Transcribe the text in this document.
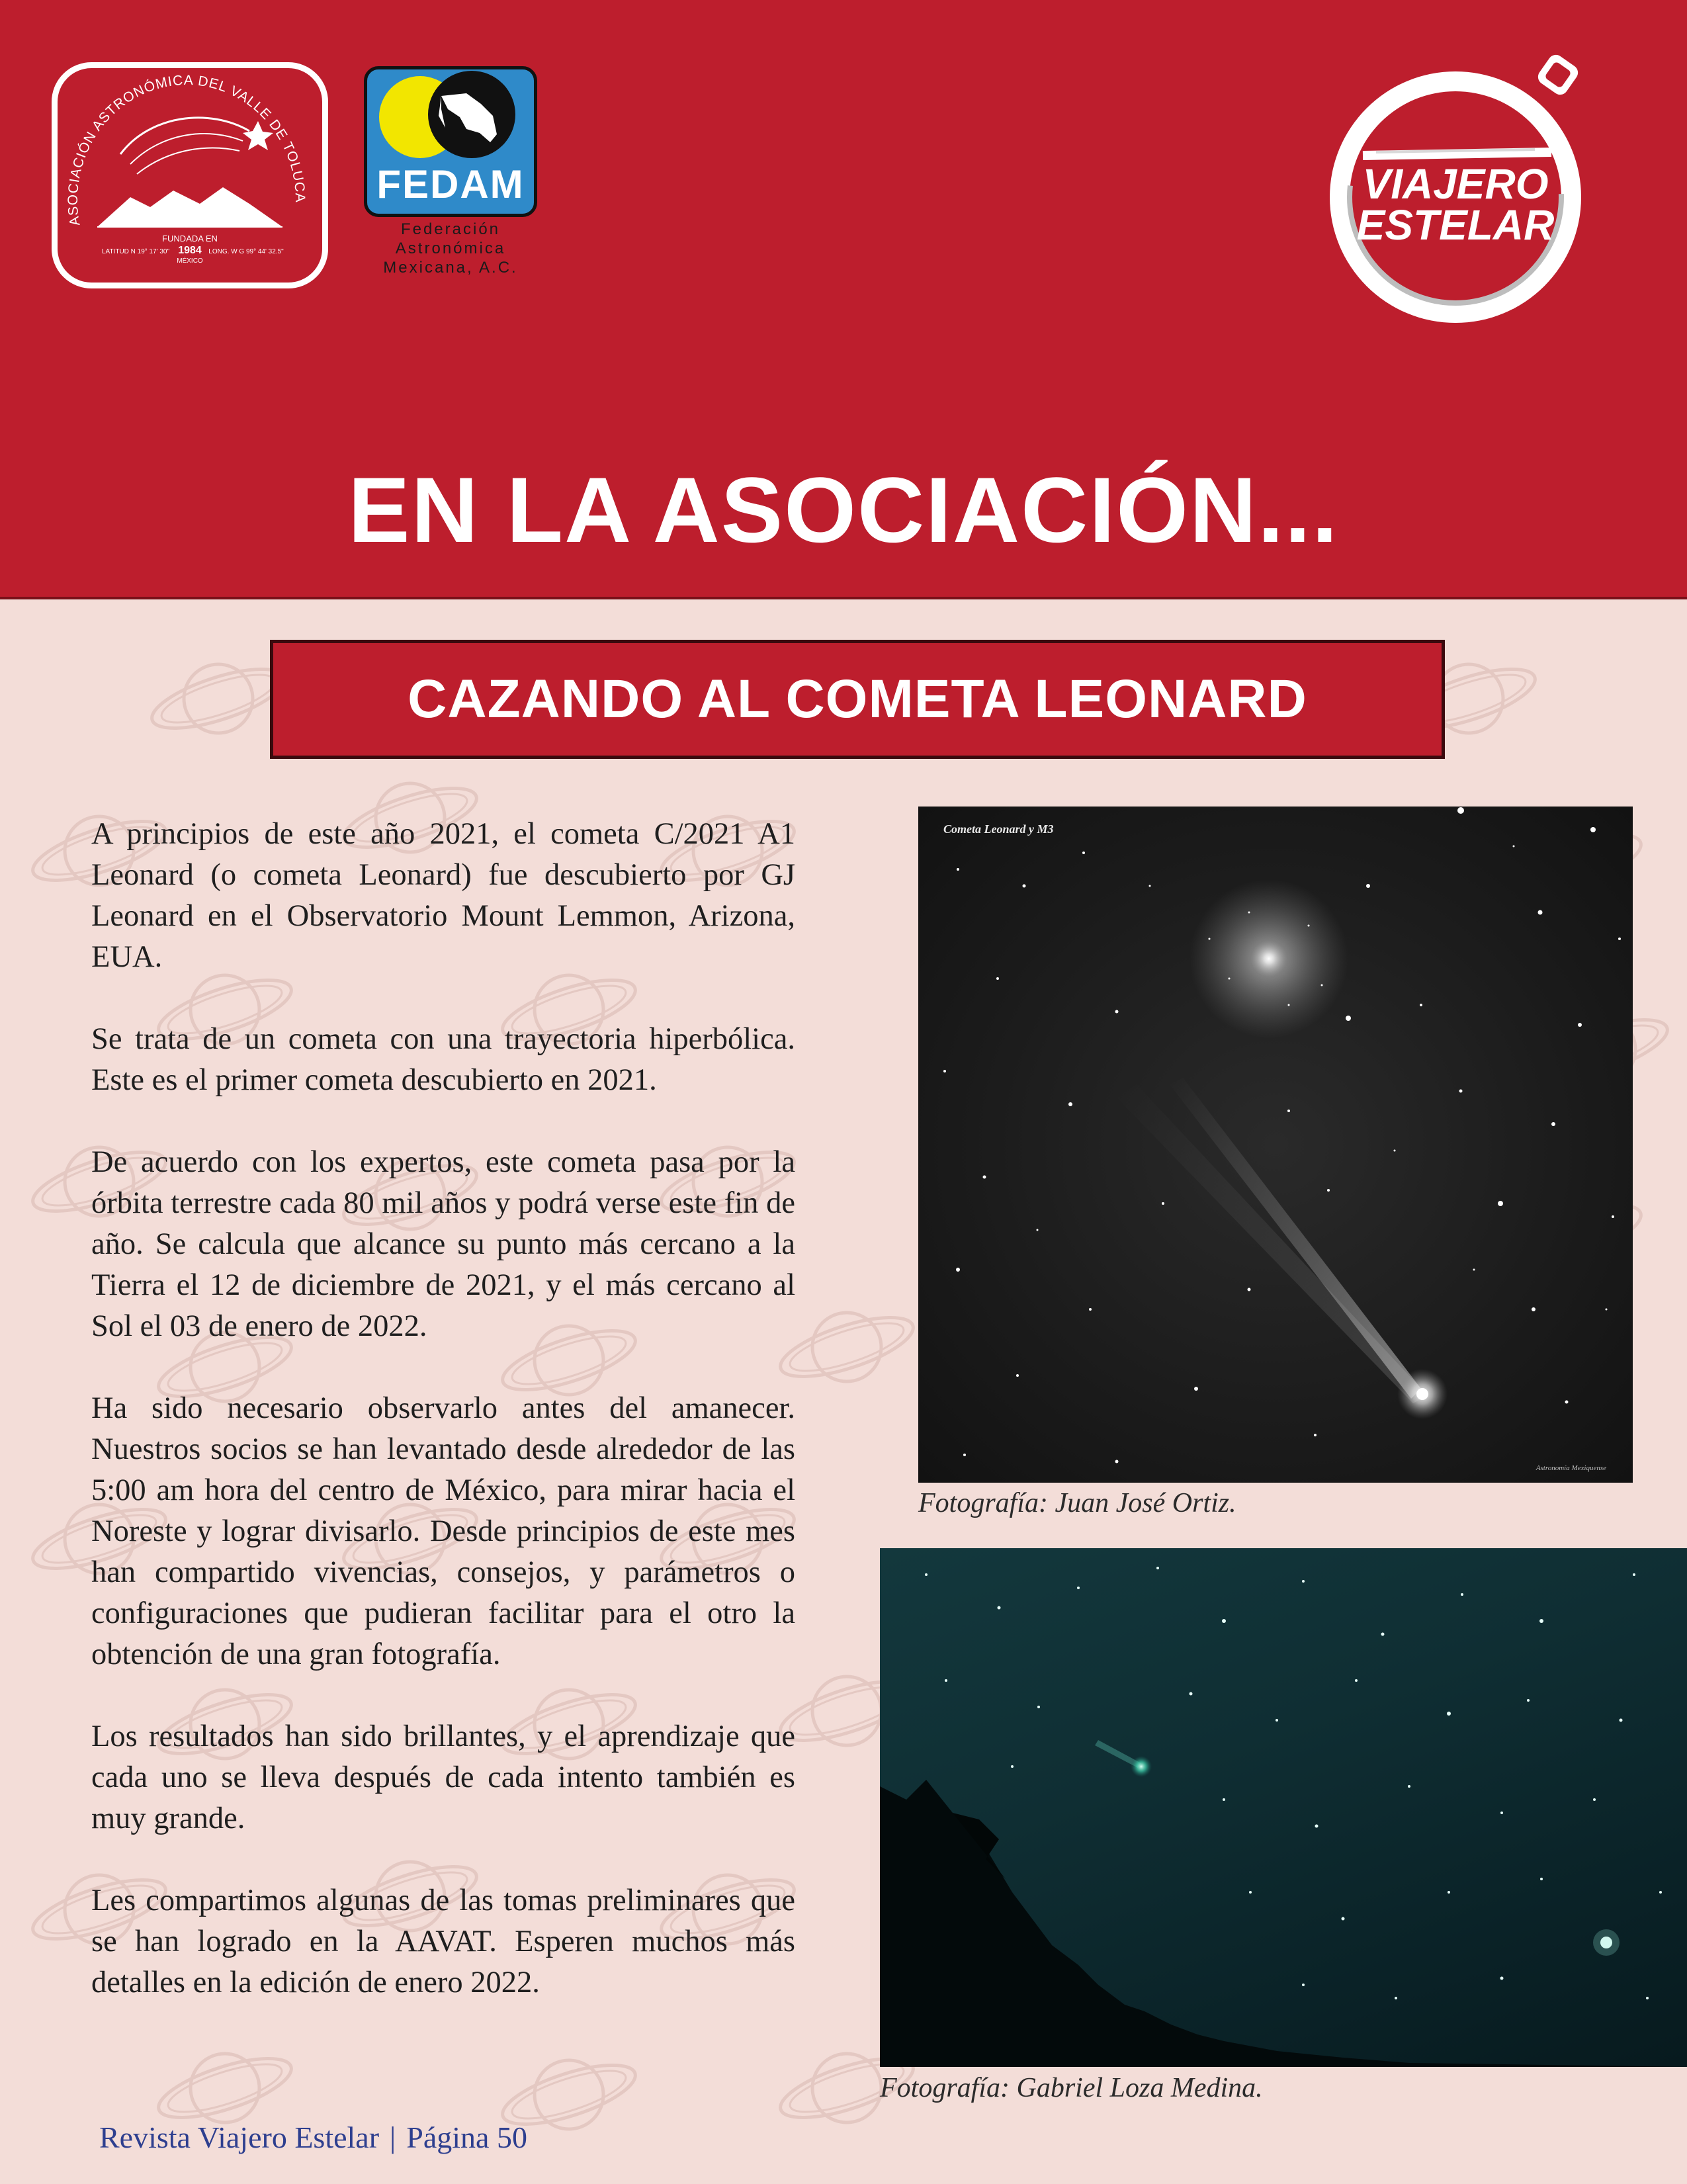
ASOCIACIÓN ASTRONÓMICA DEL VALLE DE TOLUCA
FUNDADA EN
1984
MÉXICO
LATITUD N 19° 17' 30"	LONG. W G 99° 44' 32.5"
FEDAM
Federación
Astronómica
Mexicana, A.C.
VIAJERO
ESTELAR
EN LA ASOCIACIÓN...
CAZANDO AL COMETA LEONARD

A principios de este año 2021, el cometa C/2021 A1 Leonard (o cometa Leonard) fue descubierto por GJ Leonard en el Observatorio Mount Lemmon, Arizona, EUA.

Se trata de un cometa con una trayectoria hiperbólica. Este es el primer cometa descubierto en 2021.

De acuerdo con los expertos, este cometa pasa por la órbita terrestre cada 80 mil años y podrá verse este fin de año. Se calcula que alcance su punto más cercano a la Tierra el 12 de diciembre de 2021, y el más cercano al Sol el 03 de enero de 2022.

Ha sido necesario observarlo antes del amanecer. Nuestros socios se han levantado desde alrededor de las 5:00 am hora del centro de México, para mirar hacia el Noreste y lograr divisarlo. Desde principios de este mes han compartido vivencias, consejos, y parámetros o configuraciones que pudieran facilitar para el otro la obtención de una gran fotografía.

Los resultados han sido brillantes, y el aprendizaje que cada uno se lleva después de cada intento también es muy grande.

Les compartimos algunas de las tomas preliminares que se han logrado en la AAVAT. Esperen muchos más detalles en la edición de enero 2022.

Cometa Leonard y M3
Astronomía Mexiquense
Fotografía: Juan José Ortiz.
Fotografía: Gabriel Loza Medina.
Revista Viajero Estelar | Página 50
